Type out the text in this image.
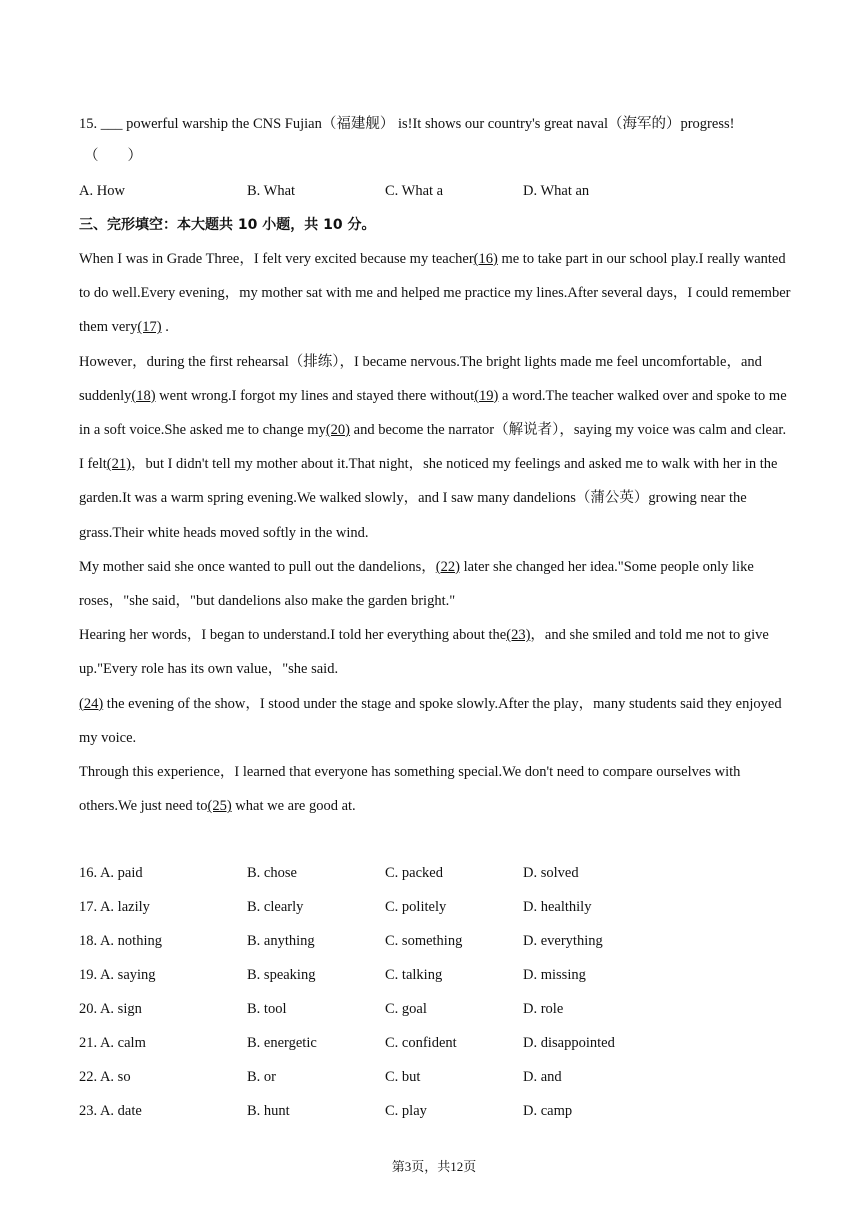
15. ___ powerful warship the CNS Fujian（福建舰） is!It shows our country's great naval（海军的）progress!
（　　）
A. How	B. What	C. What a	D. What an
三、完形填空：本大题共 10 小题，共 10 分。

When I was in Grade Three，I felt very excited because my teacher(16) me to take part in our school play.I really wanted to do well.Every evening，my mother sat with me and helped me practice my lines.After several days，I could remember them very(17) .

However，during the first rehearsal（排练），I became nervous.The bright lights made me feel uncomfortable，and suddenly(18) went wrong.I forgot my lines and stayed there without(19) a word.The teacher walked over and spoke to me in a soft voice.She asked me to change my(20) and become the narrator（解说者），saying my voice was calm and clear.

I felt(21)，but I didn't tell my mother about it.That night，she noticed my feelings and asked me to walk with her in the garden.It was a warm spring evening.We walked slowly，and I saw many dandelions（蒲公英）growing near the grass.Their white heads moved softly in the wind.

My mother said she once wanted to pull out the dandelions，(22) later she changed her idea."Some people only like roses，"she said，"but dandelions also make the garden bright."

Hearing her words，I began to understand.I told her everything about the(23)，and she smiled and told me not to give up."Every role has its own value，"she said.

(24) the evening of the show，I stood under the stage and spoke slowly.After the play，many students said they enjoyed my voice.

Through this experience，I learned that everyone has something special.We don't need to compare ourselves with others.We just need to(25) what we are good at.

16. A. paid	B. chose	C. packed	D. solved
17. A. lazily	B. clearly	C. politely	D. healthily
18. A. nothing	B. anything	C. something	D. everything
19. A. saying	B. speaking	C. talking	D. missing
20. A. sign	B. tool	C. goal	D. role
21. A. calm	B. energetic	C. confident	D. disappointed
22. A. so	B. or	C. but	D. and
23. A. date	B. hunt	C. play	D. camp
第3页，共12页
